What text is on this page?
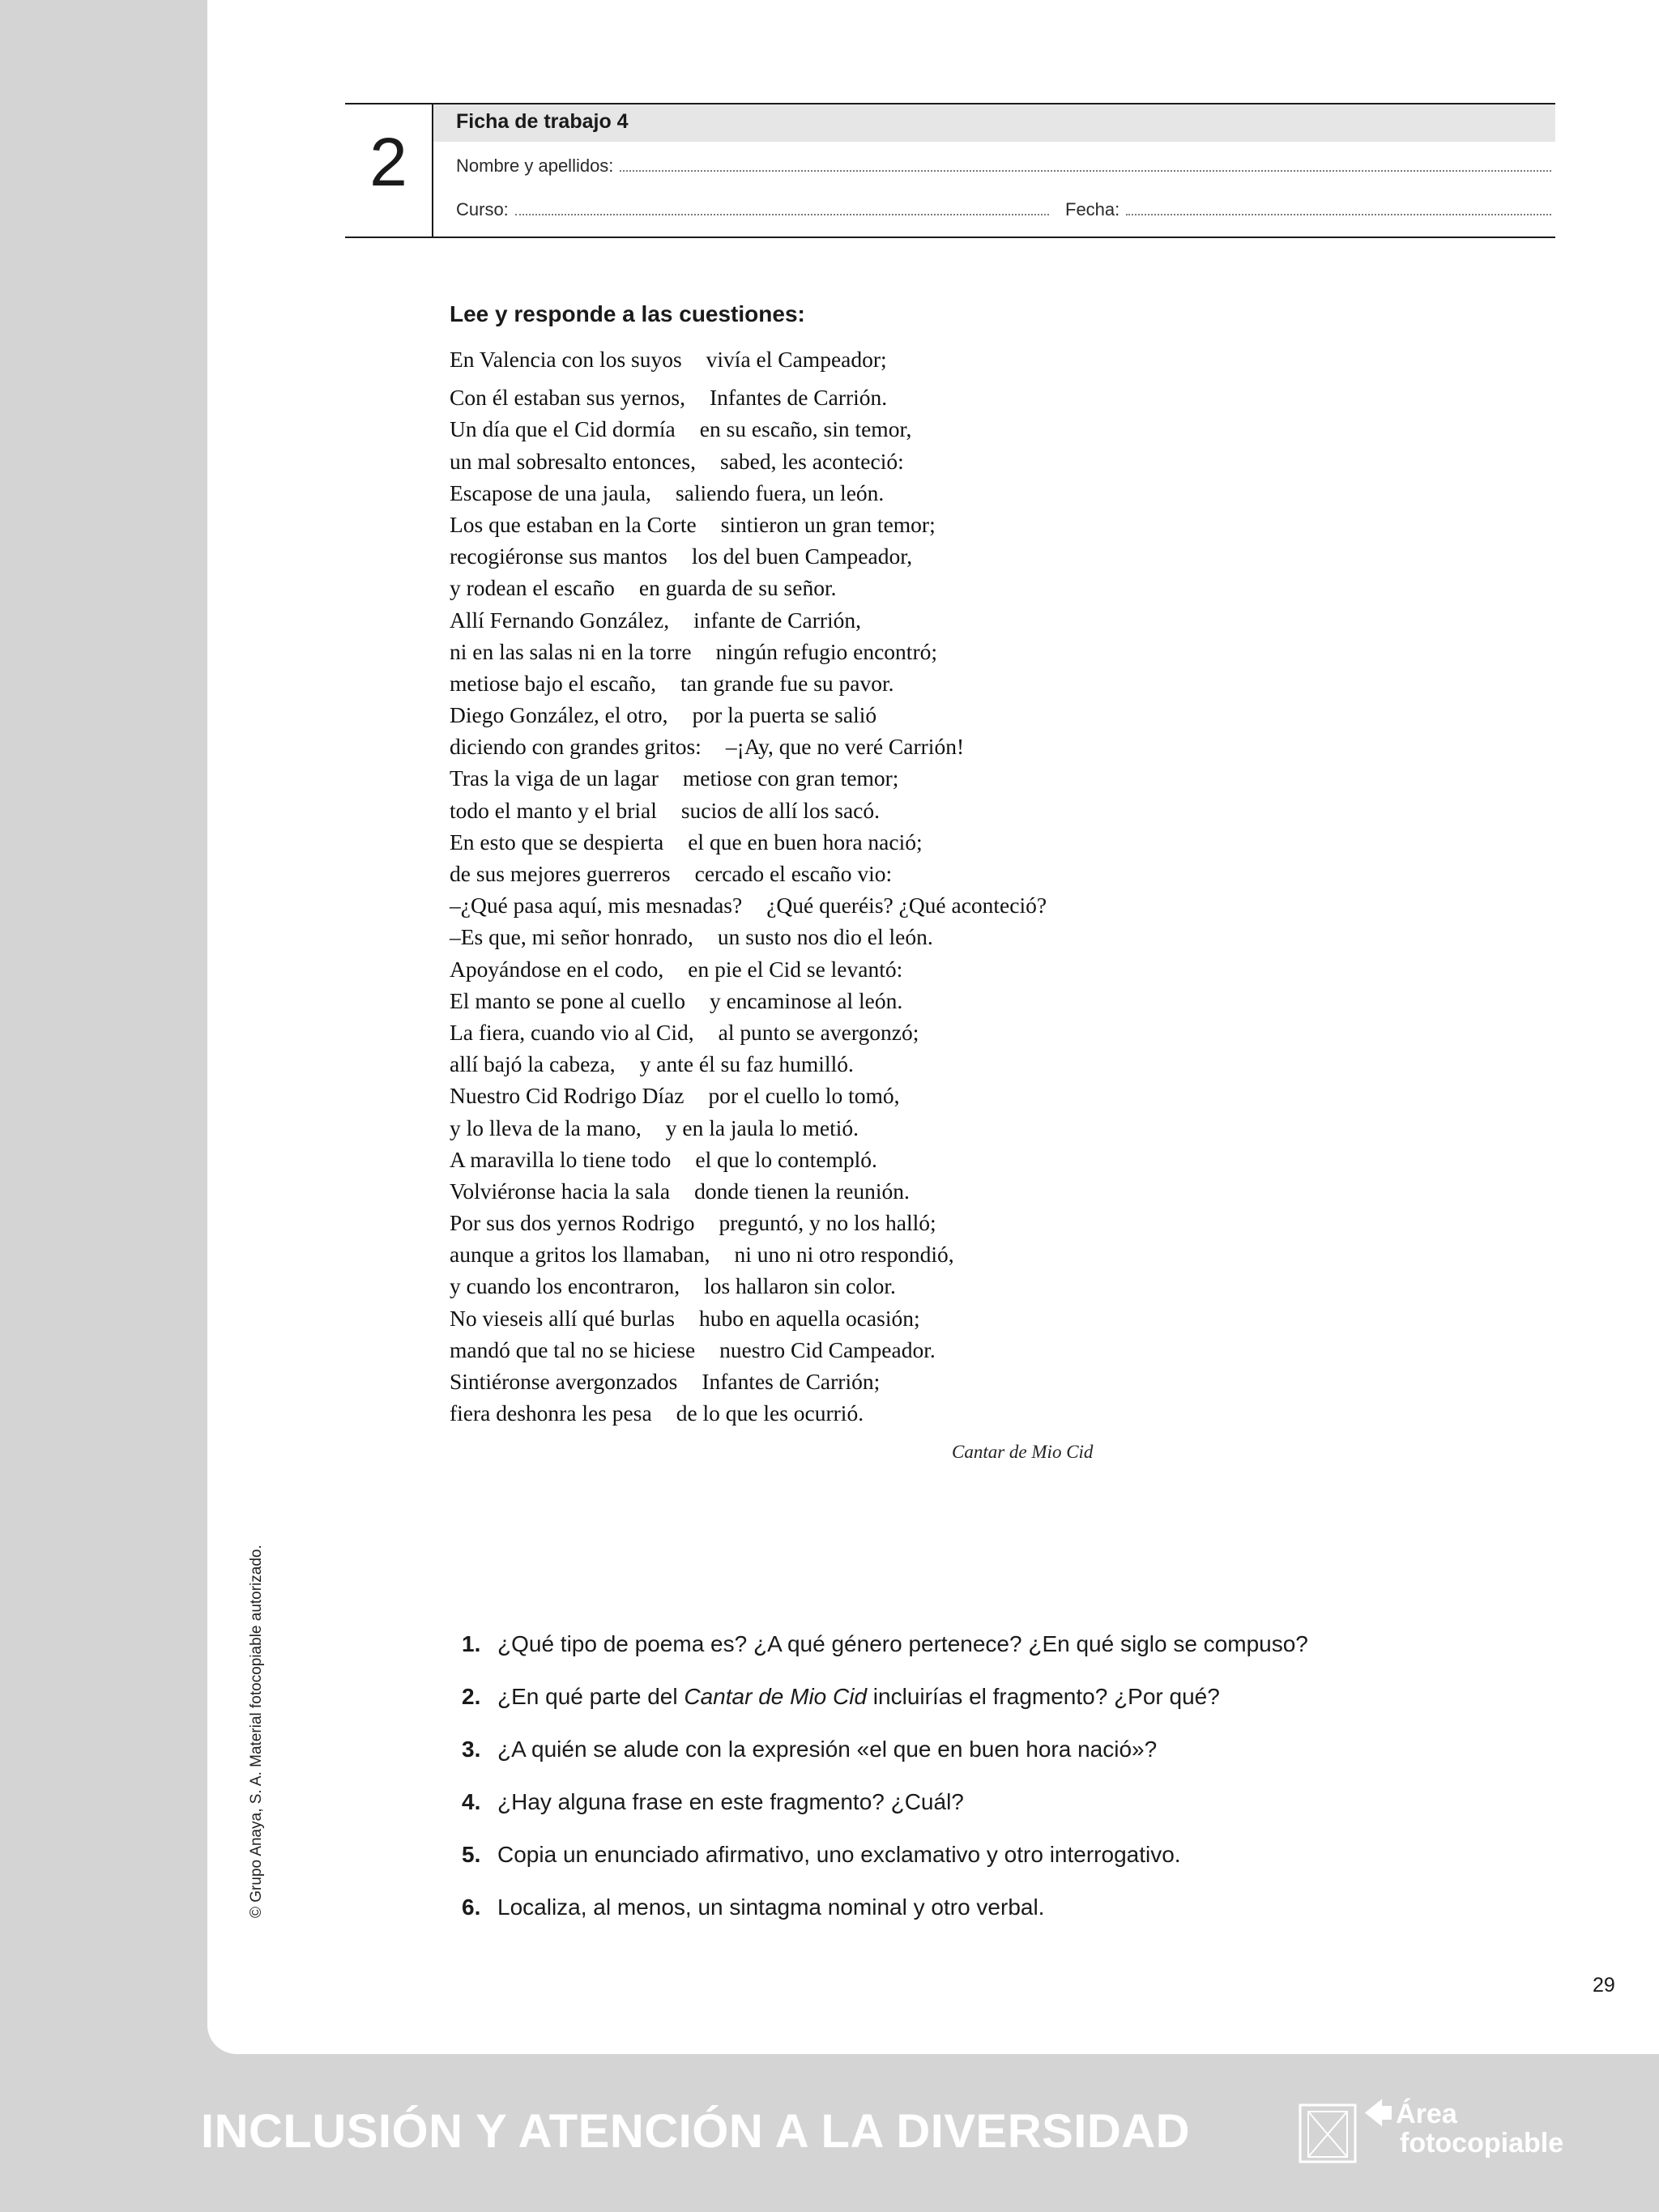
© Grupo Anaya, S. A. Material fotocopiable autorizado.
2
Ficha de trabajo 4
Nombre y apellidos:
Curso:	Fecha:
Lee y responde a las cuestiones:
En Valencia con los suyos vivía el Campeador;
Con él estaban sus yernos, Infantes de Carrión.
Un día que el Cid dormía en su escaño, sin temor,
un mal sobresalto entonces, sabed, les aconteció:
Escapose de una jaula, saliendo fuera, un león.
Los que estaban en la Corte sintieron un gran temor;
recogiéronse sus mantos los del buen Campeador,
y rodean el escaño en guarda de su señor.
Allí Fernando González, infante de Carrión,
ni en las salas ni en la torre ningún refugio encontró;
metiose bajo el escaño, tan grande fue su pavor.
Diego González, el otro, por la puerta se salió
diciendo con grandes gritos: –¡Ay, que no veré Carrión!
Tras la viga de un lagar metiose con gran temor;
todo el manto y el brial sucios de allí los sacó.
En esto que se despierta el que en buen hora nació;
de sus mejores guerreros cercado el escaño vio:
–¿Qué pasa aquí, mis mesnadas? ¿Qué queréis? ¿Qué aconteció?
–Es que, mi señor honrado, un susto nos dio el león.
Apoyándose en el codo, en pie el Cid se levantó:
El manto se pone al cuello y encaminose al león.
La fiera, cuando vio al Cid, al punto se avergonzó;
allí bajó la cabeza, y ante él su faz humilló.
Nuestro Cid Rodrigo Díaz por el cuello lo tomó,
y lo lleva de la mano, y en la jaula lo metió.
A maravilla lo tiene todo el que lo contempló.
Volviéronse hacia la sala donde tienen la reunión.
Por sus dos yernos Rodrigo preguntó, y no los halló;
aunque a gritos los llamaban, ni uno ni otro respondió,
y cuando los encontraron, los hallaron sin color.
No vieseis allí qué burlas hubo en aquella ocasión;
mandó que tal no se hiciese nuestro Cid Campeador.
Sintiéronse avergonzados Infantes de Carrión;
fiera deshonra les pesa de lo que les ocurrió.
Cantar de Mio Cid
1. ¿Qué tipo de poema es? ¿A qué género pertenece? ¿En qué siglo se compuso?
2. ¿En qué parte del Cantar de Mio Cid incluirías el fragmento? ¿Por qué?
3. ¿A quién se alude con la expresión «el que en buen hora nació»?
4. ¿Hay alguna frase en este fragmento? ¿Cuál?
5. Copia un enunciado afirmativo, uno exclamativo y otro interrogativo.
6. Localiza, al menos, un sintagma nominal y otro verbal.
29
INCLUSIÓN Y ATENCIÓN A LA DIVERSIDAD	🡄 Área
fotocopiable
